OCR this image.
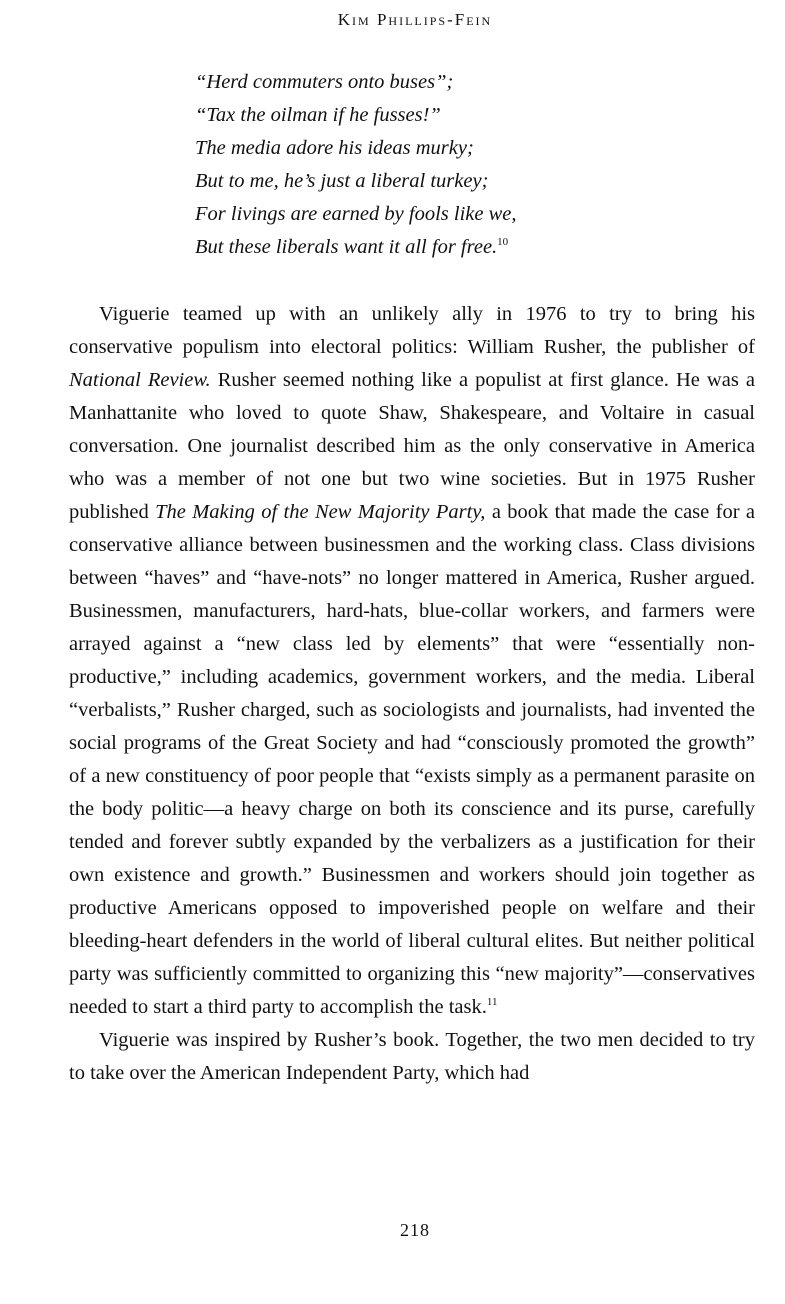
Kim Phillips-Fein
“Herd commuters onto buses”;
“Tax the oilman if he fusses!”
The media adore his ideas murky;
But to me, he’s just a liberal turkey;
For livings are earned by fools like we,
But these liberals want it all for free.$^{10}$

Viguerie teamed up with an unlikely ally in 1976 to try to bring his conservative populism into electoral politics: William Rusher, the publisher of National Review. Rusher seemed nothing like a populist at first glance. He was a Manhattanite who loved to quote Shaw, Shakespeare, and Voltaire in casual conversation. One journalist described him as the only conservative in America who was a member of not one but two wine societies. But in 1975 Rusher published The Making of the New Majority Party, a book that made the case for a conservative alliance between businessmen and the working class. Class divisions between “haves” and “have-nots” no longer mattered in America, Rusher argued. Businessmen, manufacturers, hard-hats, blue-collar workers, and farmers were arrayed against a “new class led by elements” that were “essentially nonproductive,” including academics, government workers, and the media. Liberal “verbalists,” Rusher charged, such as sociologists and journalists, had invented the social programs of the Great Society and had “consciously promoted the growth” of a new constituency of poor people that “exists simply as a permanent parasite on the body politic—a heavy charge on both its conscience and its purse, carefully tended and forever subtly expanded by the verbalizers as a justification for their own existence and growth.” Businessmen and workers should join together as productive Americans opposed to impoverished people on welfare and their bleeding-heart defenders in the world of liberal cultural elites. But neither political party was sufficiently committed to organizing this “new majority”—conservatives needed to start a third party to accomplish the task.$^{11}$

Viguerie was inspired by Rusher’s book. Together, the two men decided to try to take over the American Independent Party, which had

218
